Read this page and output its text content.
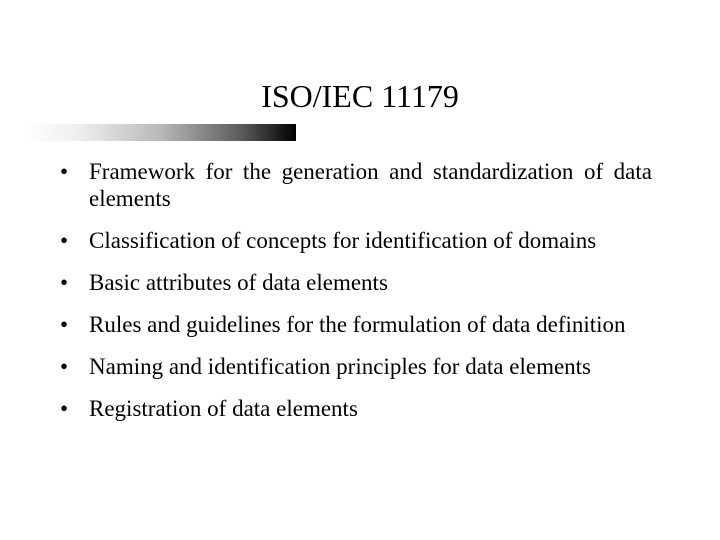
ISO/IEC 11179
• Framework for the generation and standardization of data elements
• Classification of concepts for identification of domains
• Basic attributes of data elements
• Rules and guidelines for the formulation of data definition
• Naming and identification principles for data elements
• Registration of data elements
